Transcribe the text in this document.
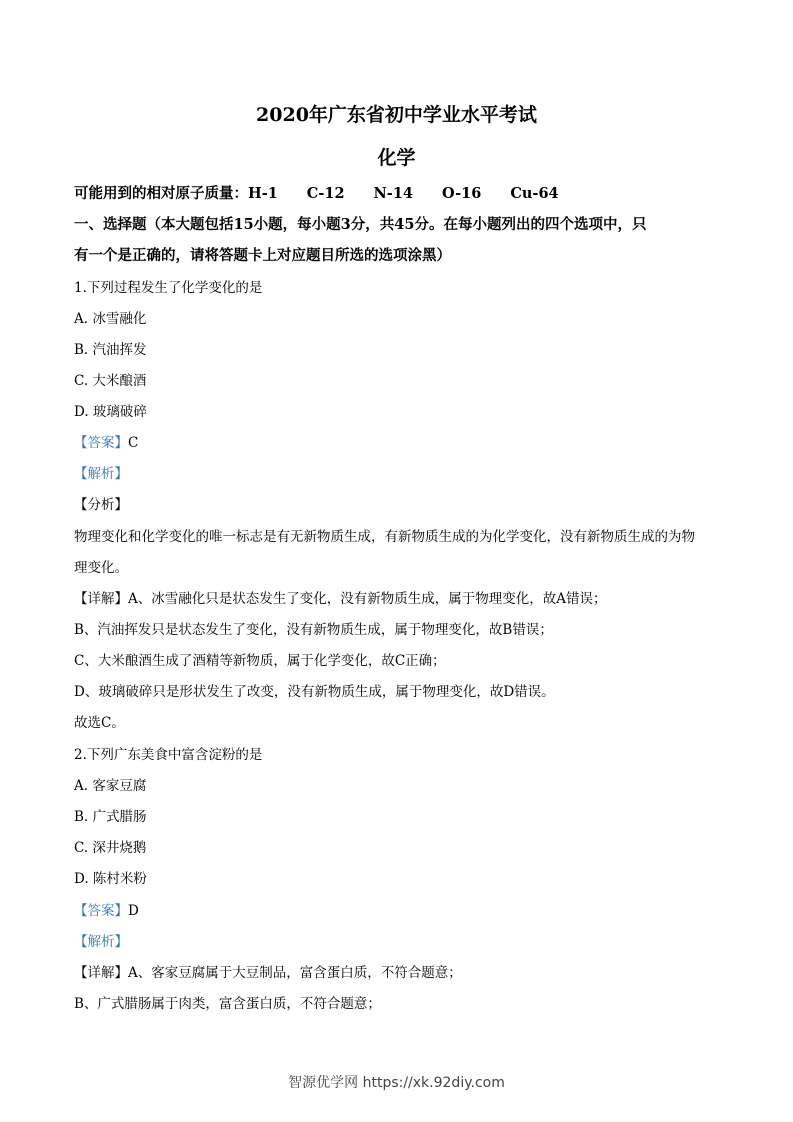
2020年广东省初中学业水平考试
化学
可能用到的相对原子质量：H-1　　C-12　　N-14　　O-16　　Cu-64
一、选择题（本大题包括15小题，每小题3分，共45分。在每小题列出的四个选项中，只
有一个是正确的，请将答题卡上对应题目所选的选项涂黑）
1.下列过程发生了化学变化的是
A. 冰雪融化
B. 汽油挥发
C. 大米酿酒
D. 玻璃破碎
【答案】C
【解析】
【分析】
物理变化和化学变化的唯一标志是有无新物质生成，有新物质生成的为化学变化，没有新物质生成的为物
理变化。
【详解】A、冰雪融化只是状态发生了变化，没有新物质生成，属于物理变化，故A错误；
B、汽油挥发只是状态发生了变化，没有新物质生成，属于物理变化，故B错误；
C、大米酿酒生成了酒精等新物质，属于化学变化，故C正确；
D、玻璃破碎只是形状发生了改变，没有新物质生成，属于物理变化，故D错误。
故选C。
2.下列广东美食中富含淀粉的是
A. 客家豆腐
B. 广式腊肠
C. 深井烧鹅
D. 陈村米粉
【答案】D
【解析】
【详解】A、客家豆腐属于大豆制品，富含蛋白质，不符合题意；
B、广式腊肠属于肉类，富含蛋白质，不符合题意；
智源优学网 https://xk.92diy.com
